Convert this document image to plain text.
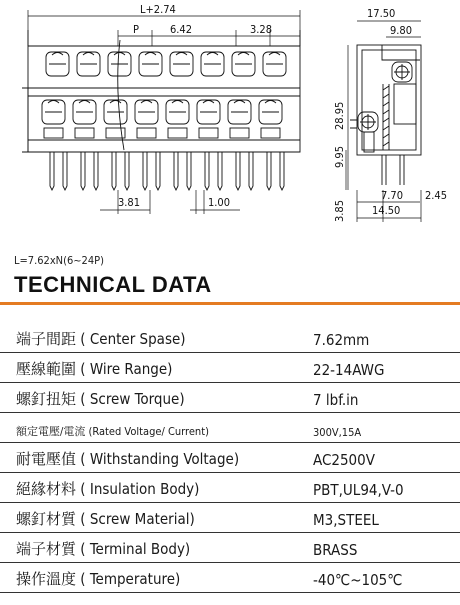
L+2.74
P	6.42	3.28
3.81	1.00
17.50
9.80
28.95
9.95
3.85
7.70 2.45
14.50
L=7.62xN(6~24P)
TECHNICAL DATA
端子間距 ( Center Spase)	7.62mm
壓線範圍 ( Wire Range)	22-14AWG
螺釘扭矩 ( Screw Torque)	7 lbf.in
額定電壓/電流 (Rated Voltage/ Current)	300V,15A
耐電壓值 ( Withstanding Voltage)	AC2500V
絕緣材料 ( Insulation Body)	PBT,UL94,V-0
螺釘材質 ( Screw Material)	M3,STEEL
端子材質 ( Terminal Body)	BRASS
操作溫度 ( Temperature)	-40℃~105℃
